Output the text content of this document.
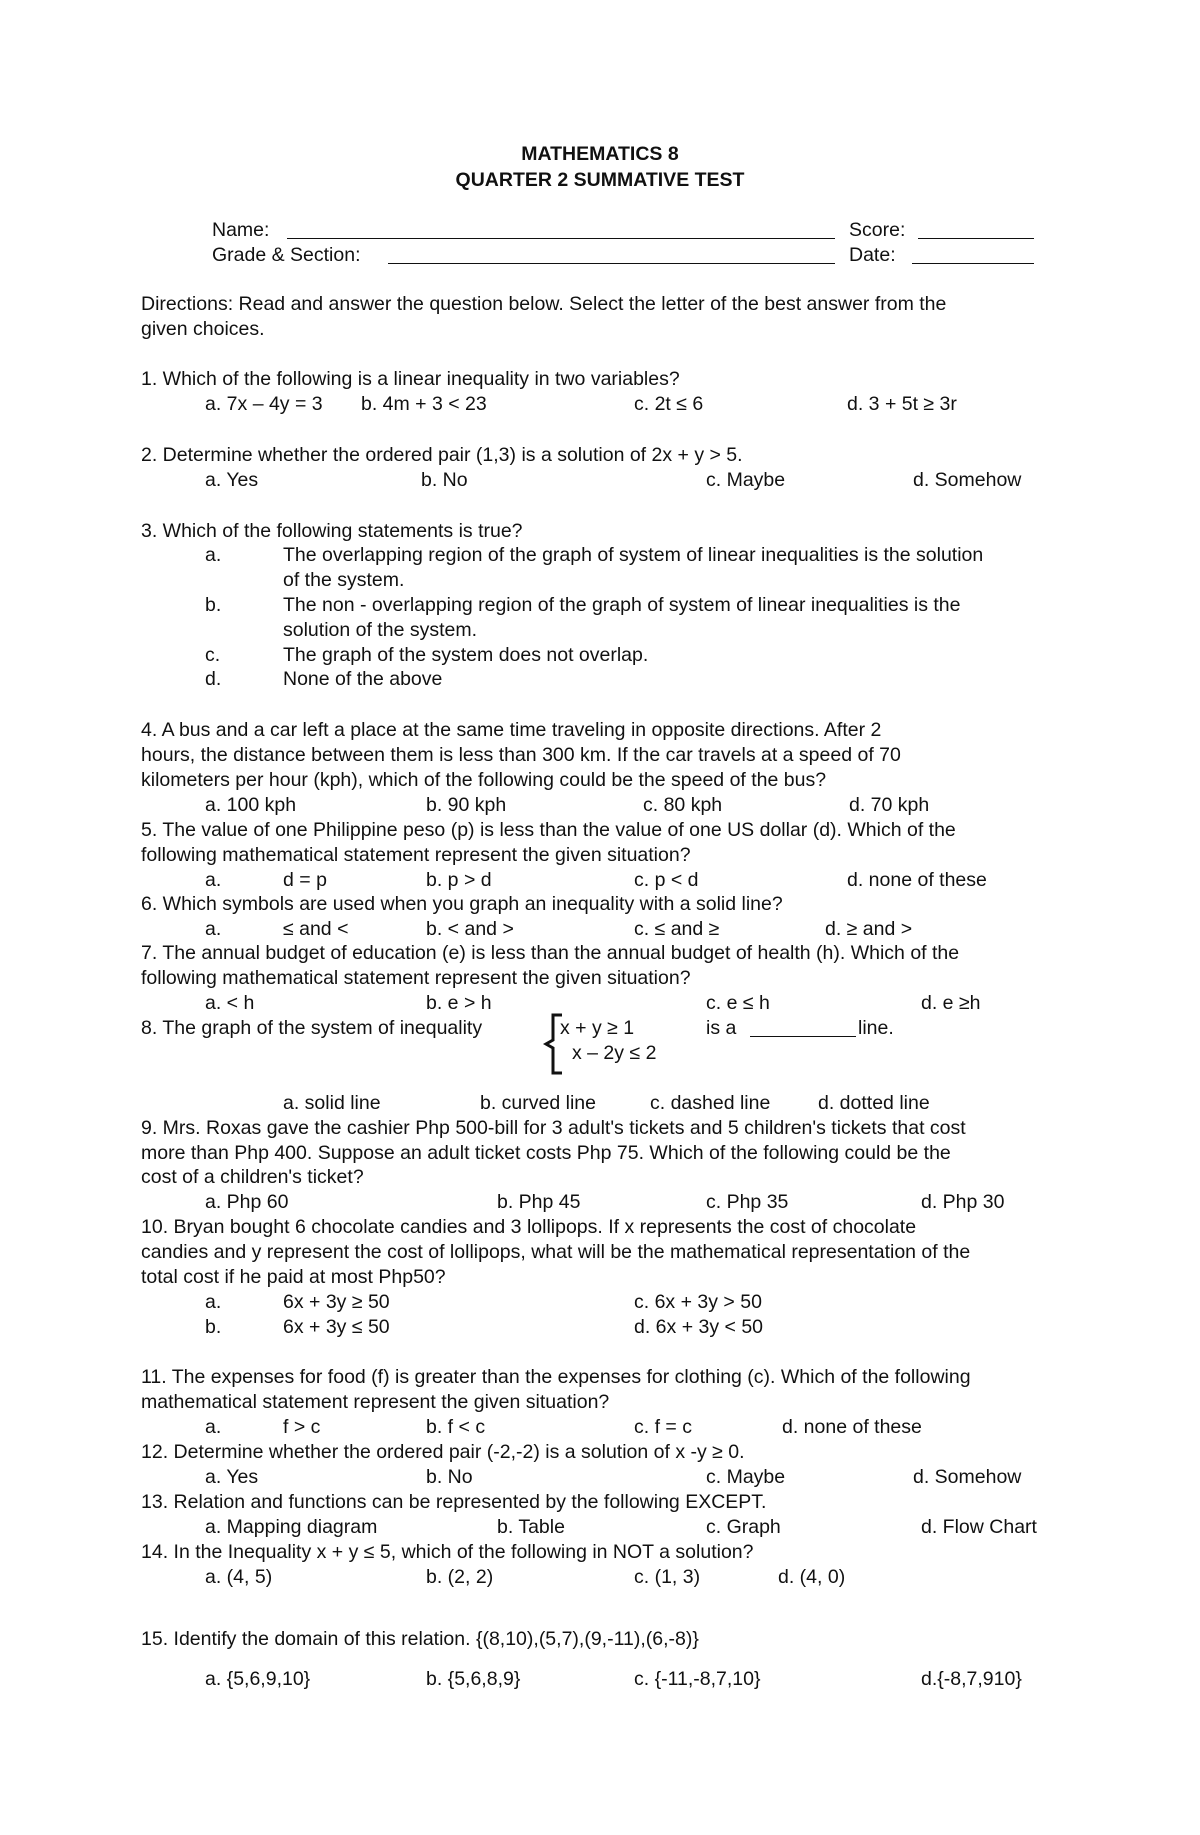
MATHEMATICS 8
QUARTER 2 SUMMATIVE TEST
Name:	Score:
Grade & Section:	Date:
Directions: Read and answer the question below. Select the letter of the best answer from the
given choices.
1. Which of the following is a linear inequality in two variables?
a. 7x – 4y = 3 b. 4m + 3 < 23	c. 2t ≤ 6	d. 3 + 5t ≥ 3r
2. Determine whether the ordered pair (1,3) is a solution of 2x + y > 5.
a. Yes	b. No	c. Maybe	d. Somehow
3. Which of the following statements is true?
a.	The overlapping region of the graph of system of linear inequalities is the solution
of the system.
b.	The non - overlapping region of the graph of system of linear inequalities is the
solution of the system.
c.	The graph of the system does not overlap.
d.	None of the above
4. A bus and a car left a place at the same time traveling in opposite directions. After 2
hours, the distance between them is less than 300 km. If the car travels at a speed of 70
kilometers per hour (kph), which of the following could be the speed of the bus?
a. 100 kph	b. 90 kph	c. 80 kph	d. 70 kph
5. The value of one Philippine peso (p) is less than the value of one US dollar (d). Which of the
following mathematical statement represent the given situation?
a.	d = p	b. p > d	c. p < d	d. none of these
6. Which symbols are used when you graph an inequality with a solid line?
a.	≤ and <	b. < and >	c. ≤ and ≥	d. ≥ and >
7. The annual budget of education (e) is less than the annual budget of health (h). Which of the
following mathematical statement represent the given situation?
a. < h	b. e > h	c. e ≤ h	d. e ≥h
8. The graph of the system of inequality	x + y ≥ 1
x – 2y ≤ 2
is a	line.
a. solid line	b. curved line	c. dashed line d. dotted line
9. Mrs. Roxas gave the cashier Php 500-bill for 3 adult's tickets and 5 children's tickets that cost
more than Php 400. Suppose an adult ticket costs Php 75. Which of the following could be the
cost of a children's ticket?
a. Php 60	b. Php 45	c. Php 35	d. Php 30
10. Bryan bought 6 chocolate candies and 3 lollipops. If x represents the cost of chocolate
candies and y represent the cost of lollipops, what will be the mathematical representation of the
total cost if he paid at most Php50?
a.	6x + 3y ≥ 50	c. 6x + 3y > 50
b.	6x + 3y ≤ 50	d. 6x + 3y < 50
11. The expenses for food (f) is greater than the expenses for clothing (c). Which of the following
mathematical statement represent the given situation?
a.	f > c	b. f < c	c. f = c	d. none of these
12. Determine whether the ordered pair (-2,-2) is a solution of x -y ≥ 0.
a. Yes	b. No	c. Maybe	d. Somehow
13. Relation and functions can be represented by the following EXCEPT.
a. Mapping diagram	b. Table	c. Graph	d. Flow Chart
14. In the Inequality x + y ≤ 5, which of the following in NOT a solution?
a. (4, 5)	b. (2, 2)	c. (1, 3)	d. (4, 0)
15. Identify the domain of this relation. {(8,10),(5,7),(9,-11),(6,-8)}
a. {5,6,9,10}	b. {5,6,8,9}	c. {-11,-8,7,10}	d.{-8,7,910}
